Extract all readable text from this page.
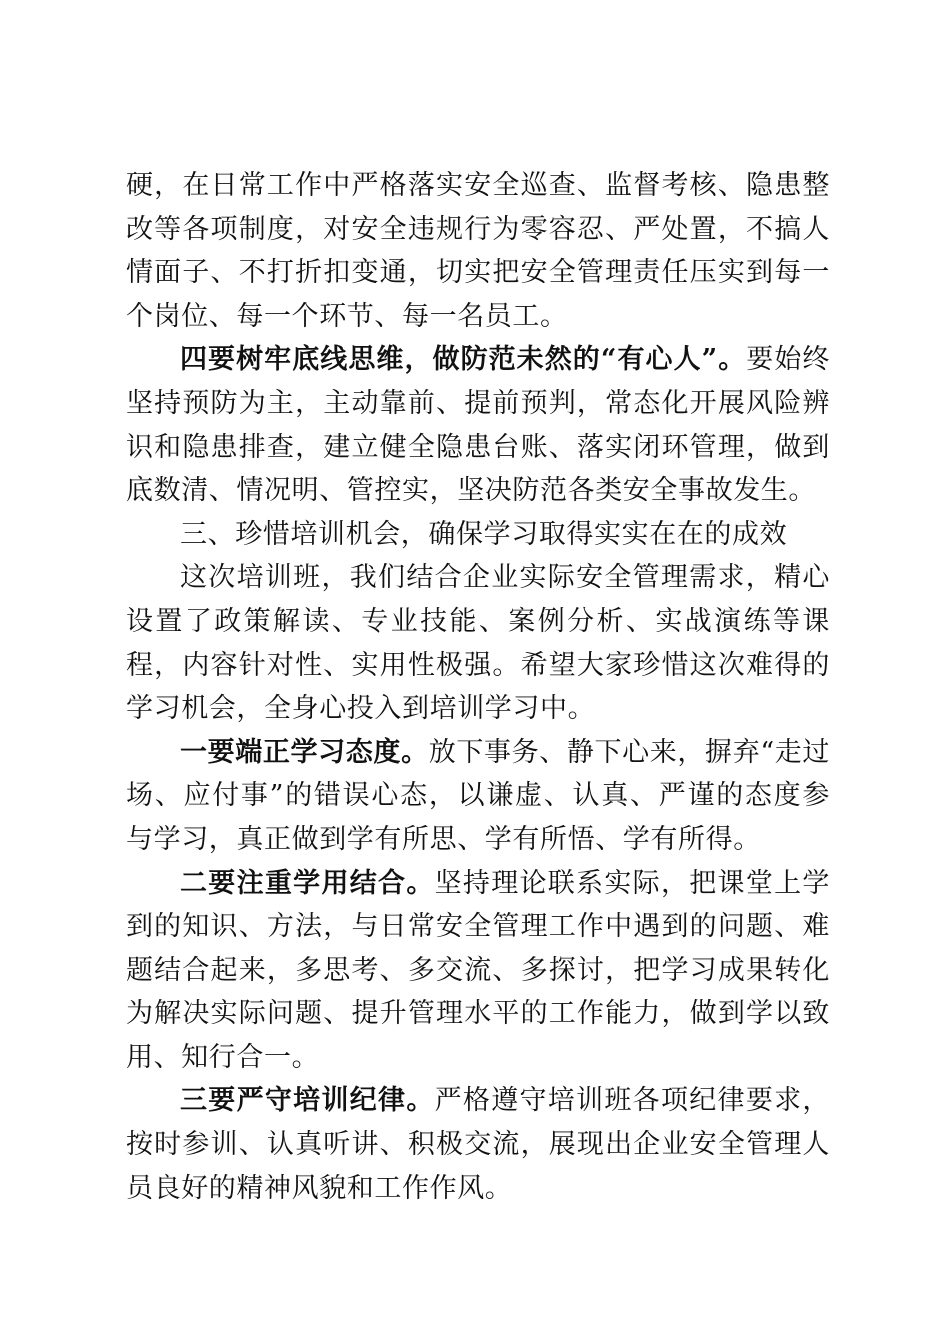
硬，在日常工作中严格落实安全巡查、监督考核、隐患整改等各项制度，对安全违规行为零容忍、严处置，不搞人情面子、不打折扣变通，切实把安全管理责任压实到每一个岗位、每一个环节、每一名员工。

四要树牢底线思维，做防范未然的“有心人”。要始终坚持预防为主，主动靠前、提前预判，常态化开展风险辨识和隐患排查，建立健全隐患台账、落实闭环管理，做到底数清、情况明、管控实，坚决防范各类安全事故发生。

三、珍惜培训机会，确保学习取得实实在在的成效

这次培训班，我们结合企业实际安全管理需求，精心设置了政策解读、专业技能、案例分析、实战演练等课程，内容针对性、实用性极强。希望大家珍惜这次难得的学习机会，全身心投入到培训学习中。

一要端正学习态度。放下事务、静下心来，摒弃“走过场、应付事”的错误心态，以谦虚、认真、严谨的态度参与学习，真正做到学有所思、学有所悟、学有所得。

二要注重学用结合。坚持理论联系实际，把课堂上学到的知识、方法，与日常安全管理工作中遇到的问题、难题结合起来，多思考、多交流、多探讨，把学习成果转化为解决实际问题、提升管理水平的工作能力，做到学以致用、知行合一。

三要严守培训纪律。严格遵守培训班各项纪律要求，按时参训、认真听讲、积极交流，展现出企业安全管理人员良好的精神风貌和工作作风。
